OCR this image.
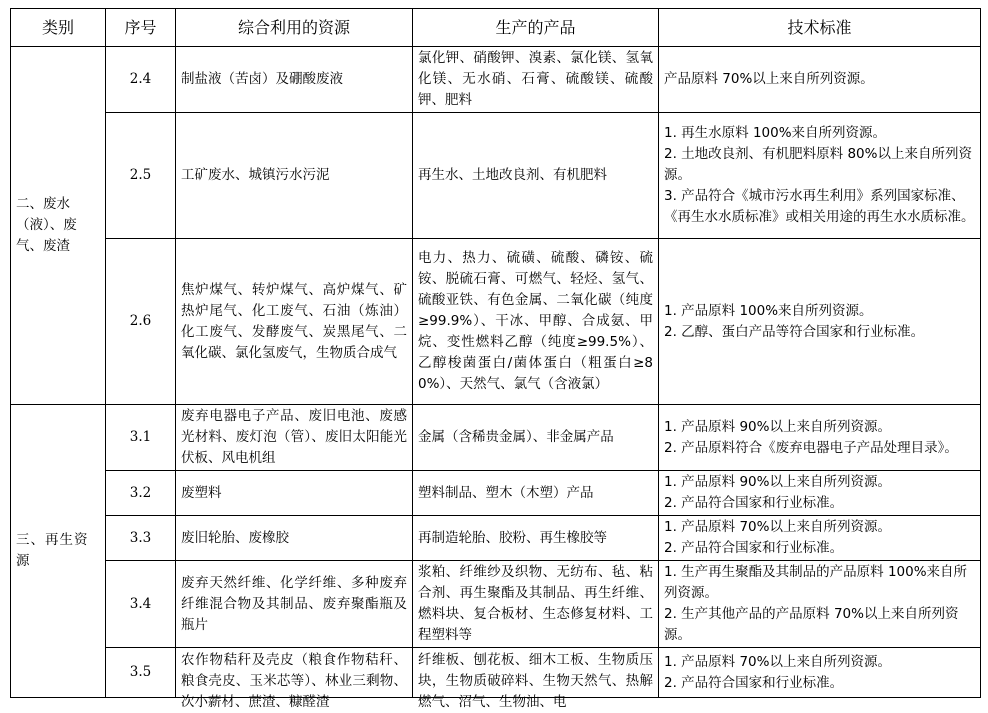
类别	序号	综合利用的资源	生产的产品	技术标准
二、废水（液）、废气、废渣	2.4	制盐液（苦卤）及硼酸废液	氯化钾、硝酸钾、溴素、氯化镁、氢氧化镁、无水硝、石膏、硫酸镁、硫酸钾、肥料	产品原料 70%以上来自所列资源。

	2.5	工矿废水、城镇污水污泥	再生水、土地改良剂、有机肥料	1. 再生水原料 100%来自所列资源。
2. 土地改良剂、有机肥料原料 80%以上来自所列资源。
3. 产品符合《城市污水再生利用》系列国家标准、《再生水水质标准》或相关用途的再生水水质标准。

	2.6	焦炉煤气、转炉煤气、高炉煤气、矿热炉尾气、化工废气、石油（炼油）化工废气、发酵废气、炭黑尾气、二氧化碳、氯化氢废气，生物质合成气	电力、热力、硫磺、硫酸、磷铵、硫铵、脱硫石膏、可燃气、轻烃、氢气、硫酸亚铁、有色金属、二氧化碳（纯度≥99.9%）、干冰、甲醇、合成氨、甲烷、变性燃料乙醇（纯度≥99.5%）、乙醇梭菌蛋白/菌体蛋白（粗蛋白≥80%）、天然气、氯气（含液氯）	1. 产品原料 100%来自所列资源。
2. 乙醇、蛋白产品等符合国家和行业标准。

三、再生资源	3.1	废弃电器电子产品、废旧电池、废感光材料、废灯泡（管）、废旧太阳能光伏板、风电机组	金属（含稀贵金属）、非金属产品	1. 产品原料 90%以上来自所列资源。
2. 产品原料符合《废弃电器电子产品处理目录》。

	3.2	废塑料	塑料制品、塑木（木塑）产品	1. 产品原料 90%以上来自所列资源。
2. 产品符合国家和行业标准。

	3.3	废旧轮胎、废橡胶	再制造轮胎、胶粉、再生橡胶等	1. 产品原料 70%以上来自所列资源。
2. 产品符合国家和行业标准。

	3.4	废弃天然纤维、化学纤维、多种废弃纤维混合物及其制品、废弃聚酯瓶及瓶片	浆粕、纤维纱及织物、无纺布、毡、粘合剂、再生聚酯及其制品、再生纤维、燃料块、复合板材、生态修复材料、工程塑料等	1. 生产再生聚酯及其制品的产品原料 100%来自所列资源。
2. 生产其他产品的产品原料 70%以上来自所列资源。

	3.5	农作物秸秆及壳皮（粮食作物秸秆、粮食壳皮、玉米芯等）、林业三剩物、次小薪材、蔗渣、糠醛渣	纤维板、刨花板、细木工板、生物质压块，生物质破碎料、生物天然气、热解燃气、沼气、生物油、电	1. 产品原料 70%以上来自所列资源。
2. 产品符合国家和行业标准。
